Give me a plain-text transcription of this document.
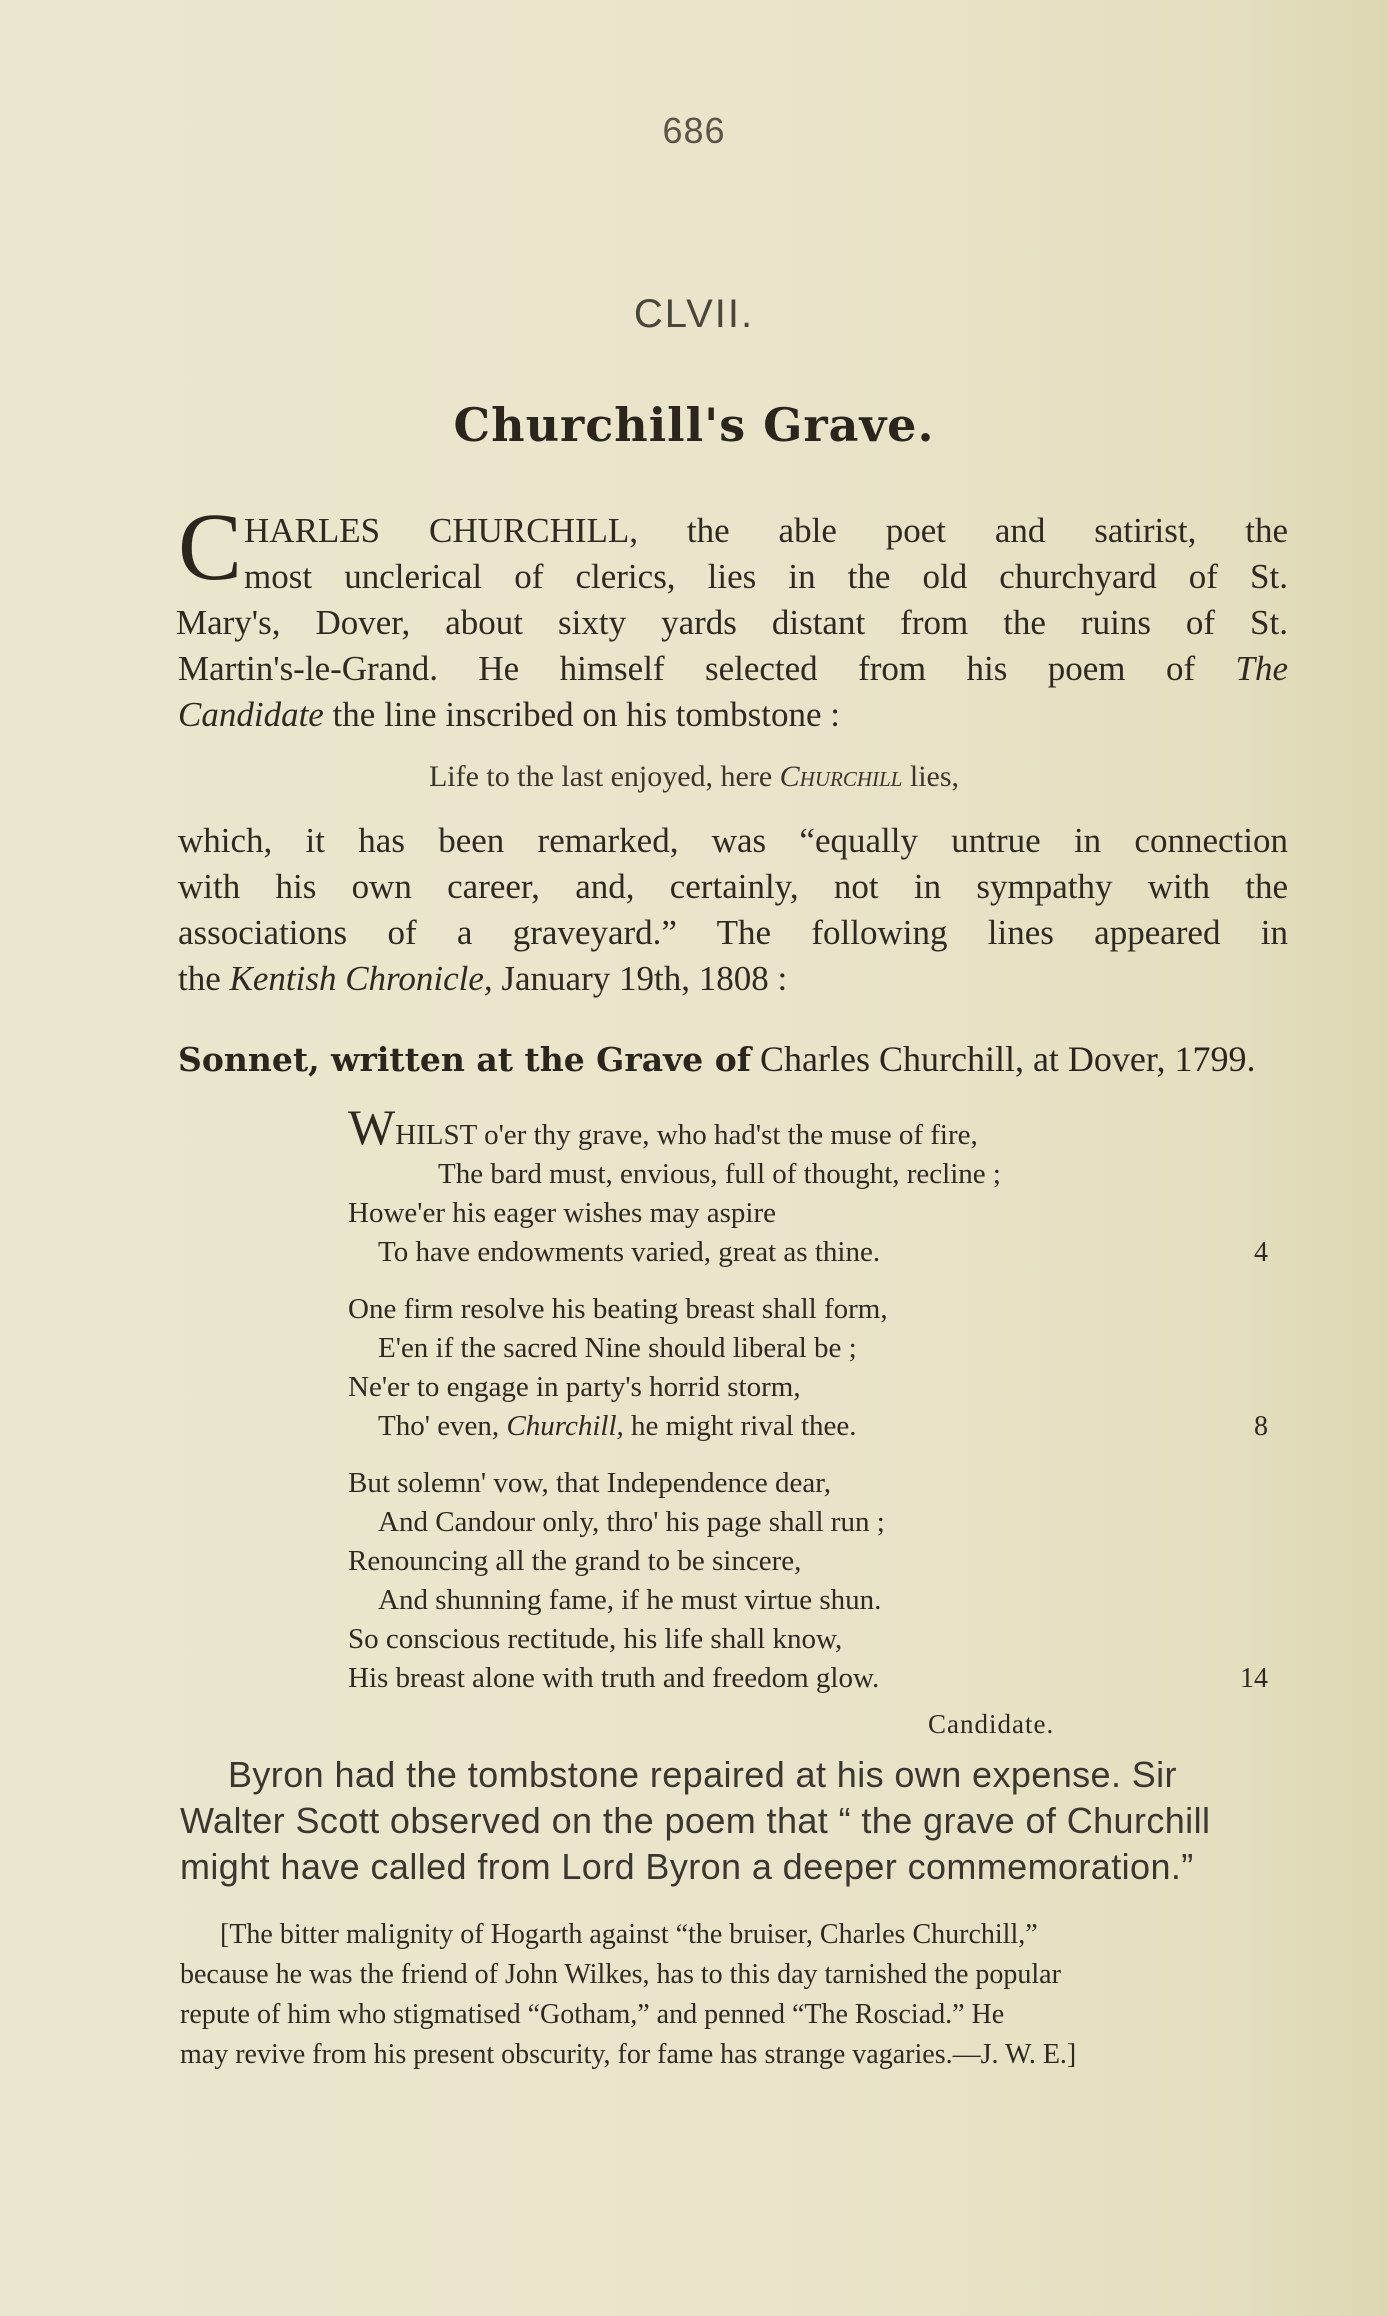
686
CLVII.
Churchill's Grave.
C HARLES CHURCHILL, the able poet and satirist, the
most unclerical of clerics, lies in the old churchyard of St.
Mary's, Dover, about sixty yards distant from the ruins of St.
Martin's-le-Grand. He himself selected from his poem of The
Candidate the line inscribed on his tombstone :
Life to the last enjoyed, here Churchill lies,
which, it has been remarked, was “equally untrue in connection
with his own career, and, certainly, not in sympathy with the
associations of a graveyard.” The following lines appeared in
the Kentish Chronicle, January 19th, 1808 :
Sonnet, written at the Grave of Charles Churchill, at Dover, 1799.
WHILST o'er thy grave, who had'st the muse of fire,
The bard must, envious, full of thought, recline ;
Howe'er his eager wishes may aspire
To have endowments varied, great as thine.	4
One firm resolve his beating breast shall form,
E'en if the sacred Nine should liberal be ;
Ne'er to engage in party's horrid storm,
Tho' even, Churchill, he might rival thee.	8
But solemn' vow, that Independence dear,
And Candour only, thro' his page shall run ;
Renouncing all the grand to be sincere,
And shunning fame, if he must virtue shun.
So conscious rectitude, his life shall know,
His breast alone with truth and freedom glow.	14
Candidate.
Byron had the tombstone repaired at his own expense. Sir
Walter Scott observed on the poem that “ the grave of Churchill
might have called from Lord Byron a deeper commemoration.”
[The bitter malignity of Hogarth against “the bruiser, Charles Churchill,”
because he was the friend of John Wilkes, has to this day tarnished the popular
repute of him who stigmatised “Gotham,” and penned “The Rosciad.” He
may revive from his present obscurity, for fame has strange vagaries.—J. W. E.]
